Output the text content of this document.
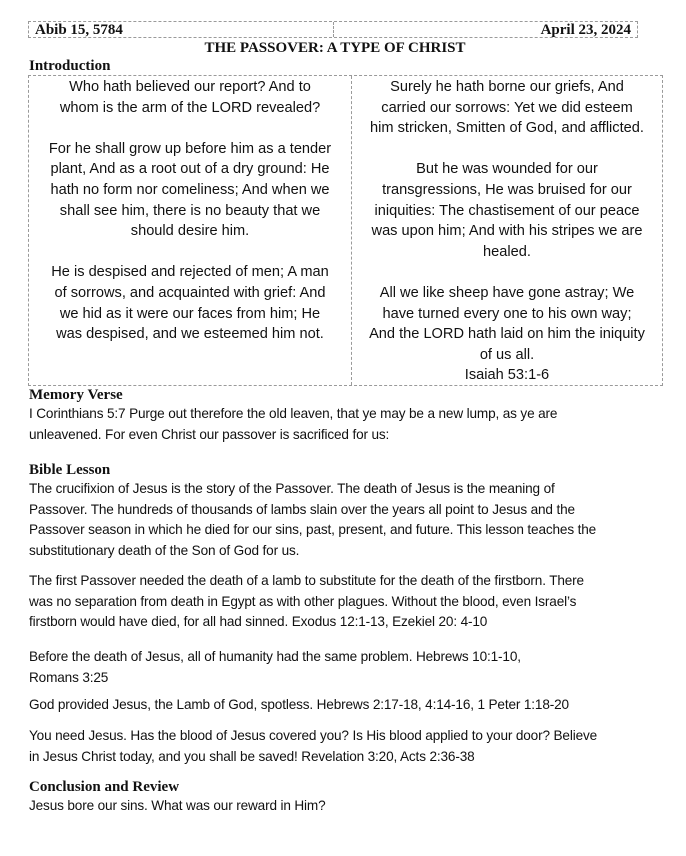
Abib 15, 5784	April 23, 2024
THE PASSOVER: A TYPE OF CHRIST
Introduction
Who hath believed our report? And to
whom is the arm of the LORD revealed?
For he shall grow up before him as a tender
plant, And as a root out of a dry ground: He
hath no form nor comeliness; And when we
shall see him, there is no beauty that we
should desire him.
He is despised and rejected of men; A man
of sorrows, and acquainted with grief: And
we hid as it were our faces from him; He
was despised, and we esteemed him not.
Surely he hath borne our griefs, And
carried our sorrows: Yet we did esteem
him stricken, Smitten of God, and afflicted.
But he was wounded for our
transgressions, He was bruised for our
iniquities: The chastisement of our peace
was upon him; And with his stripes we are
healed.
All we like sheep have gone astray; We
have turned every one to his own way;
And the LORD hath laid on him the iniquity
of us all.
Isaiah 53:1-6
Memory Verse
I Corinthians 5:7 Purge out therefore the old leaven, that ye may be a new lump, as ye are
unleavened. For even Christ our passover is sacrificed for us:
Bible Lesson
The crucifixion of Jesus is the story of the Passover. The death of Jesus is the meaning of
Passover. The hundreds of thousands of lambs slain over the years all point to Jesus and the
Passover season in which he died for our sins, past, present, and future. This lesson teaches the
substitutionary death of the Son of God for us.
The first Passover needed the death of a lamb to substitute for the death of the firstborn. There
was no separation from death in Egypt as with other plagues. Without the blood, even Israel’s
firstborn would have died, for all had sinned. Exodus 12:1-13, Ezekiel 20: 4-10
Before the death of Jesus, all of humanity had the same problem. Hebrews 10:1-10,
Romans 3:25
God provided Jesus, the Lamb of God, spotless. Hebrews 2:17-18, 4:14-16, 1 Peter 1:18-20
You need Jesus. Has the blood of Jesus covered you? Is His blood applied to your door? Believe
in Jesus Christ today, and you shall be saved! Revelation 3:20, Acts 2:36-38
Conclusion and Review
Jesus bore our sins. What was our reward in Him?
